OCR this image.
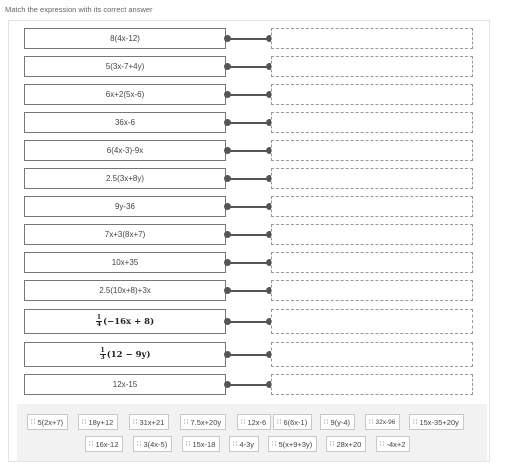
Match the expression with its correct answer
8(4x-12)
5(3x-7+4y)
6x+2(5x-6)
36x-6
6(4x-3)-9x
2.5(3x+8y)
9y-36
7x+3(8x+7)
10x+35
2.5(10x+8)+3x
$\frac{1}{4} (-16x + 8)$
$\frac{1}{3} (12 - 9y)$
12x-15
∷ 5(2x+7)	∷ 18y+12	∷ 31x+21	∷ 7.5x+20y	∷ 12x-6 ∷ 6(6x-1) ∷ 9(y-4)	∷ 32x-96	∷ 15x-35+20y
∷ 16x-12	∷ 3(4x-5)	∷ 15x-18	∷ 4-3y	∷ 5(x+9+3y)	∷ 28x+20	∷ -4x+2
